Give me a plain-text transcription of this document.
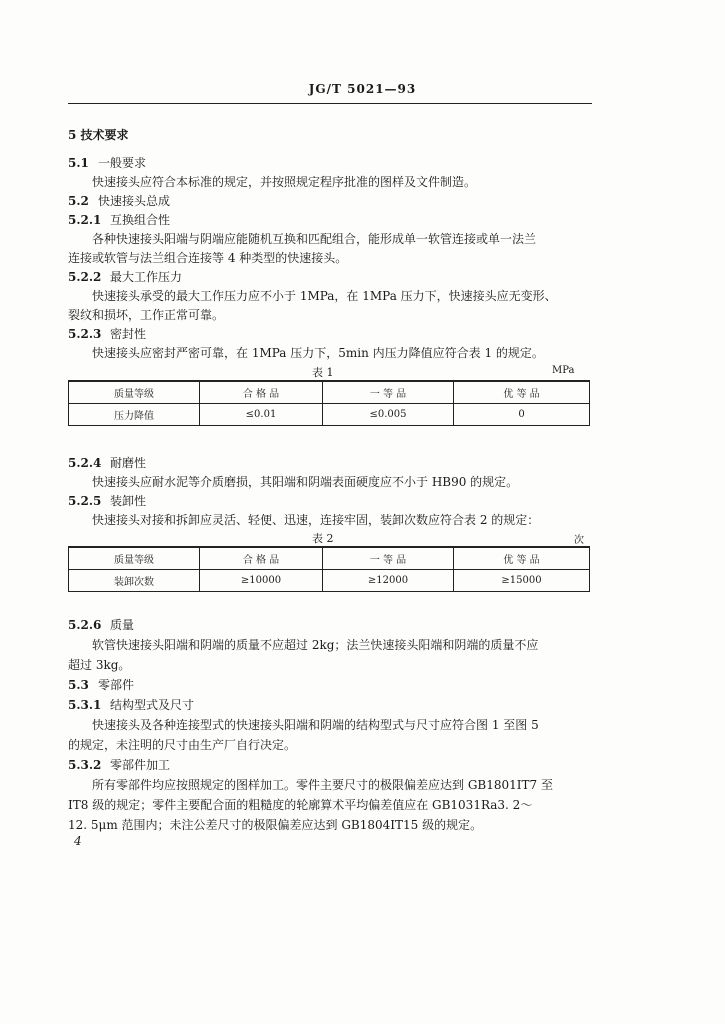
JG/T 5021—93
5 技术要求
5.1 一般要求
快速接头应符合本标准的规定，并按照规定程序批准的图样及文件制造。
5.2 快速接头总成
5.2.1 互换组合性
各种快速接头阳端与阴端应能随机互换和匹配组合，能形成单一软管连接或单一法兰
连接或软管与法兰组合连接等 4 种类型的快速接头。
5.2.2 最大工作压力
快速接头承受的最大工作压力应不小于 1MPa，在 1MPa 压力下，快速接头应无变形、
裂纹和损坏，工作正常可靠。
5.2.3 密封性
快速接头应密封严密可靠，在 1MPa 压力下，5min 内压力降值应符合表 1 的规定。
表 1	MPa
质量等级	合 格 品	一 等 品	优 等 品
压力降值	≤0.01	≤0.005	0
5.2.4 耐磨性
快速接头应耐水泥等介质磨损，其阳端和阴端表面硬度应不小于 HB90 的规定。
5.2.5 装卸性
快速接头对接和拆卸应灵活、轻便、迅速，连接牢固，装卸次数应符合表 2 的规定：
表 2	次
质量等级	合 格 品	一 等 品	优 等 品
装卸次数	≥10000	≥12000	≥15000
5.2.6 质量
软管快速接头阳端和阴端的质量不应超过 2kg；法兰快速接头阳端和阴端的质量不应
超过 3kg。
5.3 零部件
5.3.1 结构型式及尺寸
快速接头及各种连接型式的快速接头阳端和阴端的结构型式与尺寸应符合图 1 至图 5
的规定，未注明的尺寸由生产厂自行决定。
5.3.2 零部件加工
所有零部件均应按照规定的图样加工。零件主要尺寸的极限偏差应达到 GB1801IT7 至
IT8 级的规定；零件主要配合面的粗糙度的轮廓算术平均偏差值应在 GB1031Ra3. 2～
12. 5μm 范围内；未注公差尺寸的极限偏差应达到 GB1804IT15 级的规定。
4
